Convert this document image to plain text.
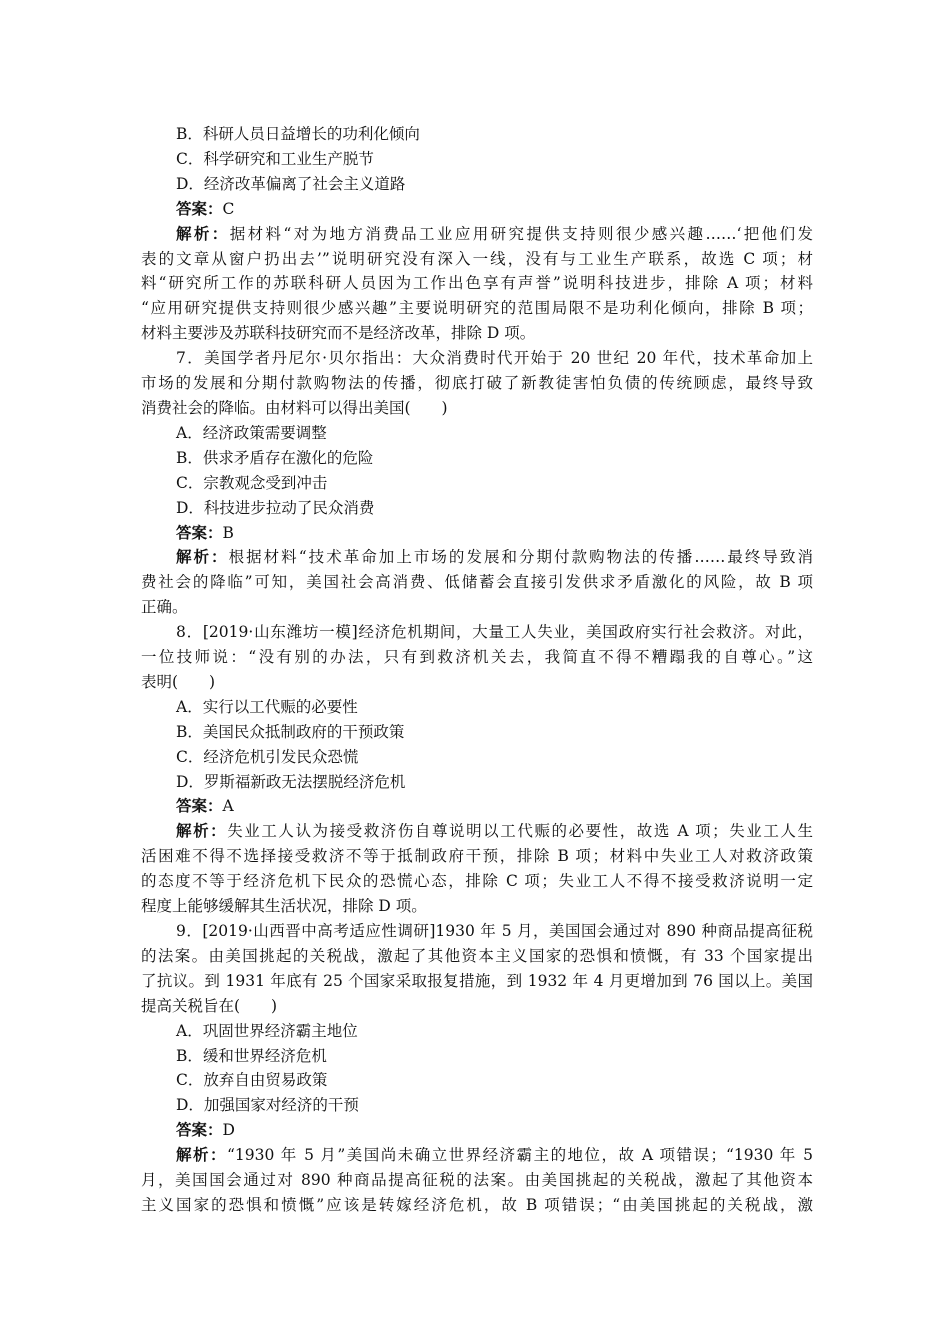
B．科研人员日益增长的功利化倾向
C．科学研究和工业生产脱节
D．经济改革偏离了社会主义道路
答案：C
解析：据材料“对为地方消费品工业应用研究提供支持则很少感兴趣……‘把他们发
表的文章从窗户扔出去’”说明研究没有深入一线，没有与工业生产联系，故选 C 项；材
料“研究所工作的苏联科研人员因为工作出色享有声誉”说明科技进步，排除 A 项；材料
“应用研究提供支持则很少感兴趣”主要说明研究的范围局限不是功利化倾向，排除 B 项；
材料主要涉及苏联科技研究而不是经济改革，排除 D 项。
7．美国学者丹尼尔·贝尔指出：大众消费时代开始于 20 世纪 20 年代，技术革命加上
市场的发展和分期付款购物法的传播，彻底打破了新教徒害怕负债的传统顾虑，最终导致
消费社会的降临。由材料可以得出美国(　　)
A．经济政策需要调整
B．供求矛盾存在激化的危险
C．宗教观念受到冲击
D．科技进步拉动了民众消费
答案：B
解析：根据材料“技术革命加上市场的发展和分期付款购物法的传播……最终导致消
费社会的降临”可知，美国社会高消费、低储蓄会直接引发供求矛盾激化的风险，故 B 项
正确。
8．[2019·山东潍坊一模]经济危机期间，大量工人失业，美国政府实行社会救济。对此，
一位技师说：“没有别的办法，只有到救济机关去，我简直不得不糟蹋我的自尊心。”这
表明(　　)
A．实行以工代赈的必要性
B．美国民众抵制政府的干预政策
C．经济危机引发民众恐慌
D．罗斯福新政无法摆脱经济危机
答案：A
解析：失业工人认为接受救济伤自尊说明以工代赈的必要性，故选 A 项；失业工人生
活困难不得不选择接受救济不等于抵制政府干预，排除 B 项；材料中失业工人对救济政策
的态度不等于经济危机下民众的恐慌心态，排除 C 项；失业工人不得不接受救济说明一定
程度上能够缓解其生活状况，排除 D 项。
9．[2019·山西晋中高考适应性调研]1930 年 5 月，美国国会通过对 890 种商品提高征税
的法案。由美国挑起的关税战，激起了其他资本主义国家的恐惧和愤慨，有 33 个国家提出
了抗议。到 1931 年底有 25 个国家采取报复措施，到 1932 年 4 月更增加到 76 国以上。美国
提高关税旨在(　　)
A．巩固世界经济霸主地位
B．缓和世界经济危机
C．放弃自由贸易政策
D．加强国家对经济的干预
答案：D
解析：“1930 年 5 月”美国尚未确立世界经济霸主的地位，故 A 项错误；“1930 年 5
月，美国国会通过对 890 种商品提高征税的法案。由美国挑起的关税战，激起了其他资本
主义国家的恐惧和愤慨”应该是转嫁经济危机，故 B 项错误；“由美国挑起的关税战，激
